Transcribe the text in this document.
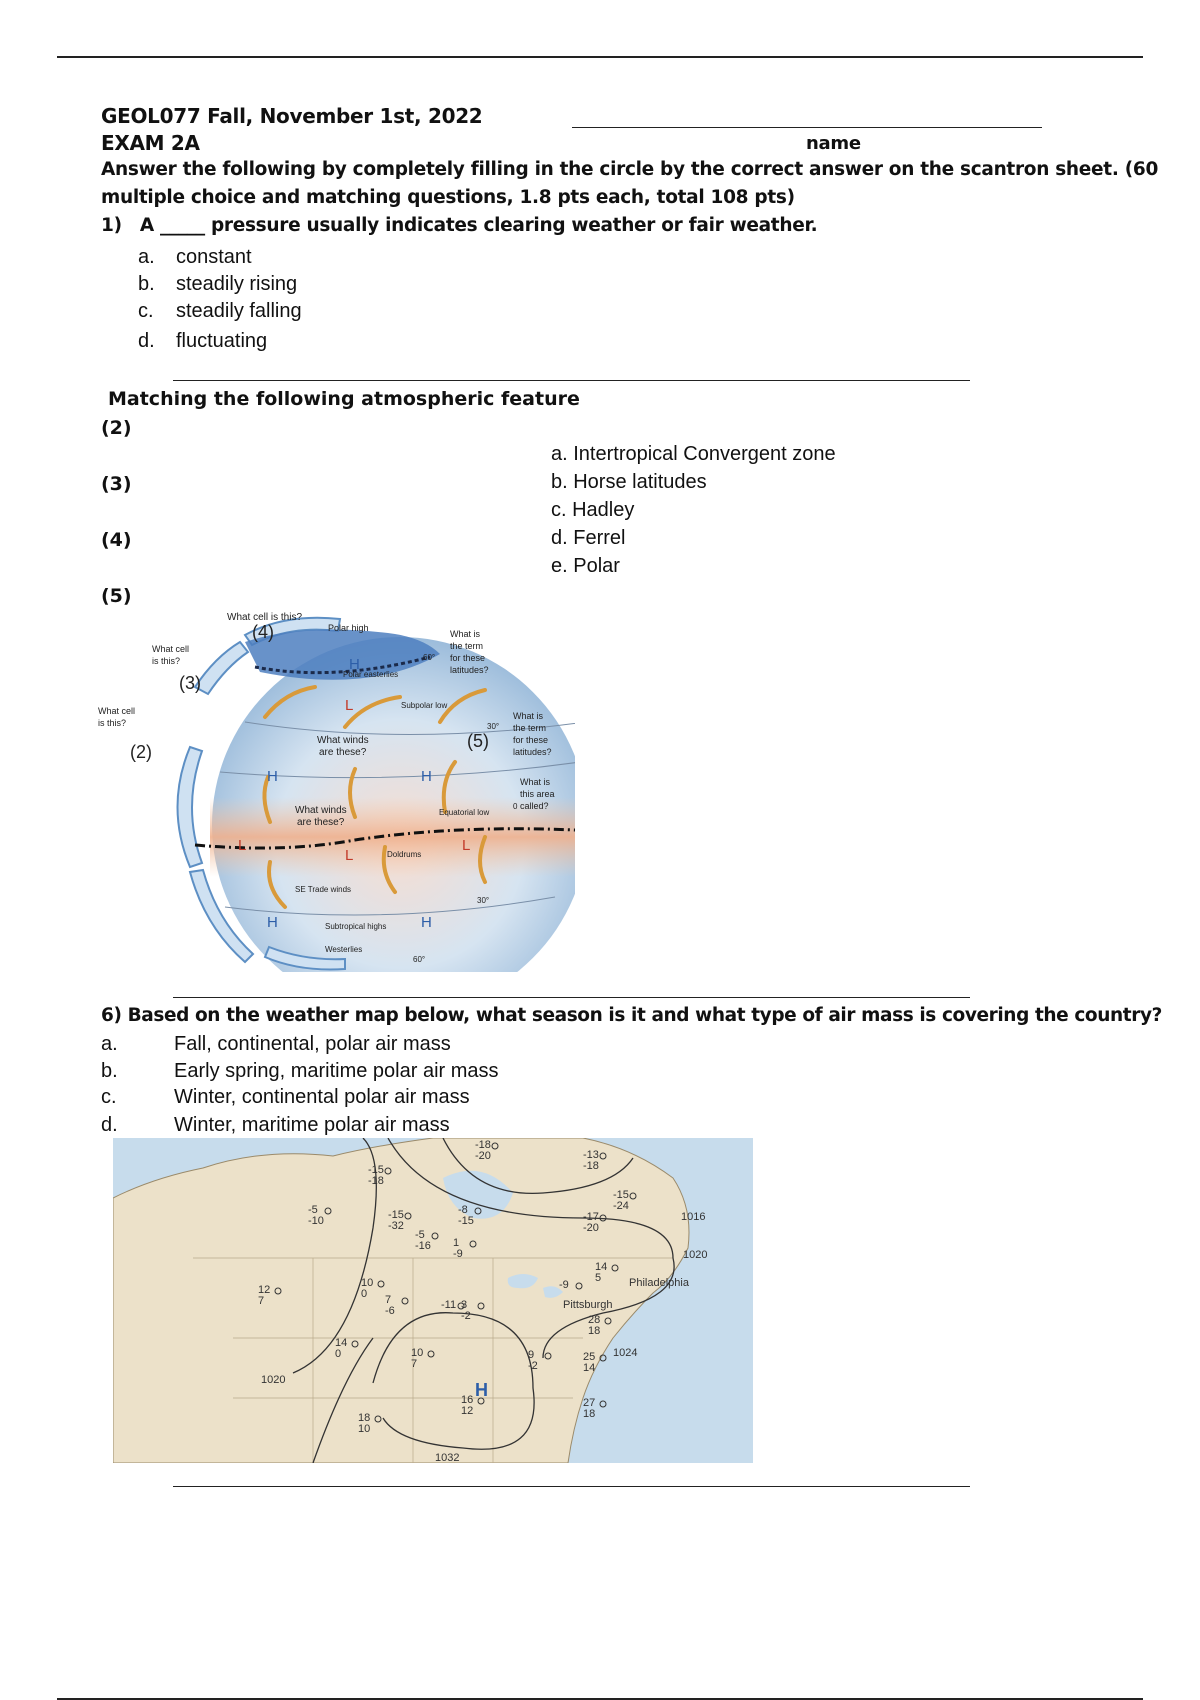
GEOL077 Fall, November 1st, 2022
EXAM 2A	name
Answer the following by completely filling in the circle by the correct answer on the scantron sheet. (60
multiple choice and matching questions, 1.8 pts each, total 108 pts)
1) A _____ pressure usually indicates clearing weather or fair weather.
a. constant
b. steadily rising
c. steadily falling
d. fluctuating
Matching the following atmospheric feature
(2)
(3)
(4)
(5)
a. Intertropical Convergent zone
b. Horse latitudes
c. Hadley
d. Ferrel
e. Polar
What cell is this?
(4)	Polar high
What cell
is this?
(3)
What cell
is this?
(2)
Polar easterlies
Subpolar low
60°
What is
the term
for these
latitudes?
What is
the term
for these
latitudes?
30°
(5)
What is
this area
called?
0
What winds
are these?
What winds
are these?
Equatorial low
Doldrums
SE Trade winds
Subtropical highs
Westerlies
30°
60°
H
H	H
H	H
L
L
L
L
6) Based on the weather map below, what season is it and what type of air mass is covering the country?
a.	Fall, continental, polar air mass
b.	Early spring, maritime polar air mass
c.	Winter, continental polar air mass
d.	Winter, maritime polar air mass
1016
1020
1024
1020
1032
Philadelphia
Pittsburgh
H
-18
-20	-13
-18
-15
-18
-5
-10	-15
-32
-8
-15
-15
-24
-17
-20
-5
-16 1
-9
14
5
12
7
10
0 7
-6	-11 3
-2
-9
28
18
14
0	10
7
9
-2
25
14
16
12
27
18
18
10
